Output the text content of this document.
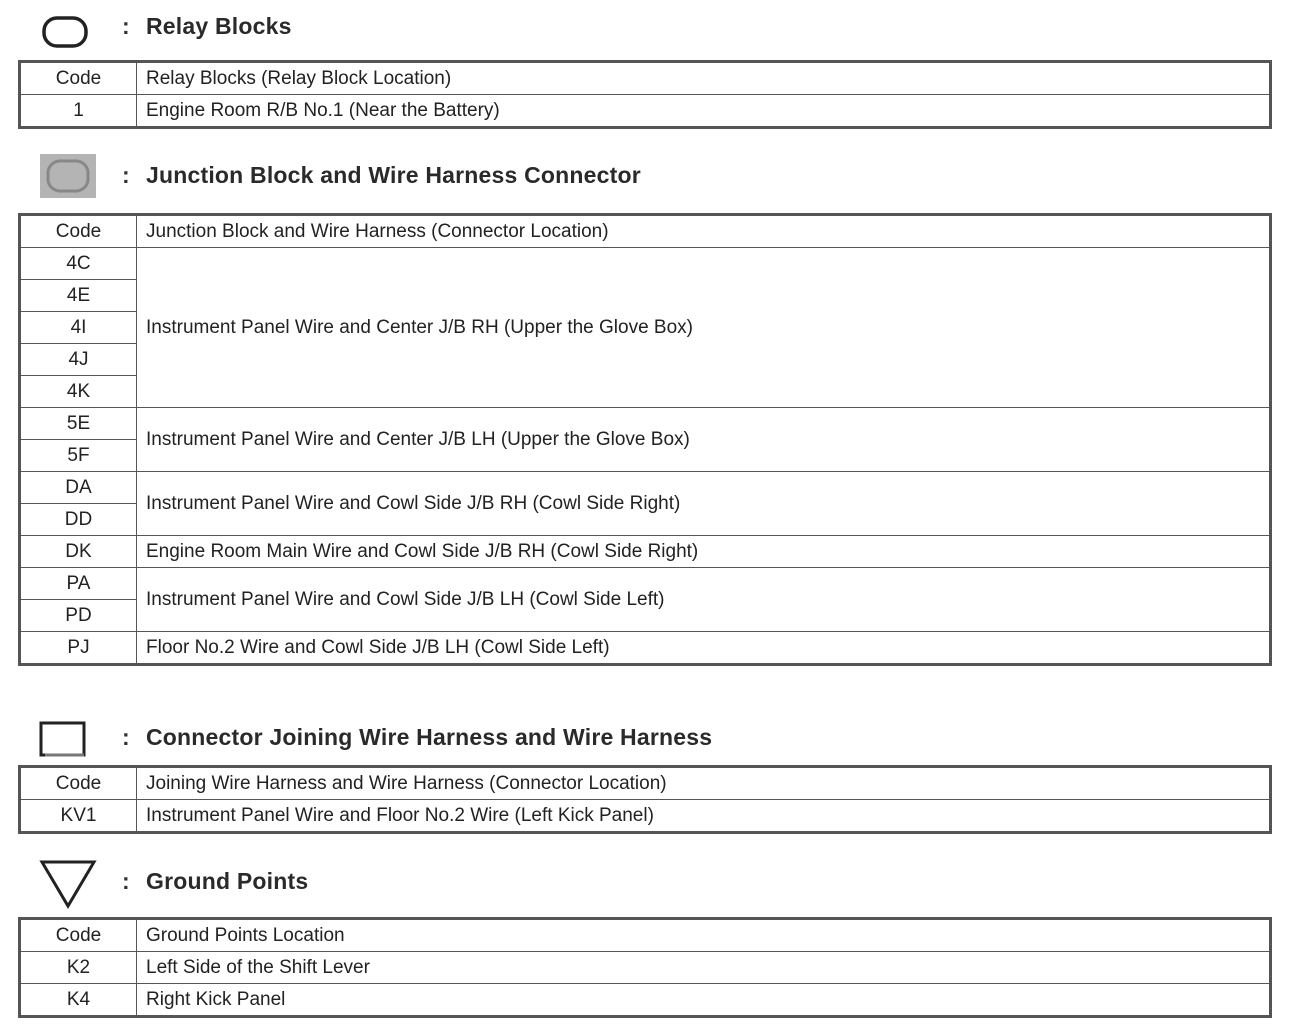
: Relay Blocks
Code	Relay Blocks (Relay Block Location)
1	Engine Room R/B No.1 (Near the Battery)
: Junction Block and Wire Harness Connector
Code	Junction Block and Wire Harness (Connector Location)
4C	Instrument Panel Wire and Center J/B RH (Upper the Glove Box)
4E	
4I	
4J	
4K	
5E	Instrument Panel Wire and Center J/B LH (Upper the Glove Box)
5F	
DA	Instrument Panel Wire and Cowl Side J/B RH (Cowl Side Right)
DD	
DK	Engine Room Main Wire and Cowl Side J/B RH (Cowl Side Right)
PA	Instrument Panel Wire and Cowl Side J/B LH (Cowl Side Left)
PD	
PJ	Floor No.2 Wire and Cowl Side J/B LH (Cowl Side Left)
: Connector Joining Wire Harness and Wire Harness
Code	Joining Wire Harness and Wire Harness (Connector Location)
KV1	Instrument Panel Wire and Floor No.2 Wire (Left Kick Panel)
: Ground Points
Code	Ground Points Location
K2	Left Side of the Shift Lever
K4	Right Kick Panel
